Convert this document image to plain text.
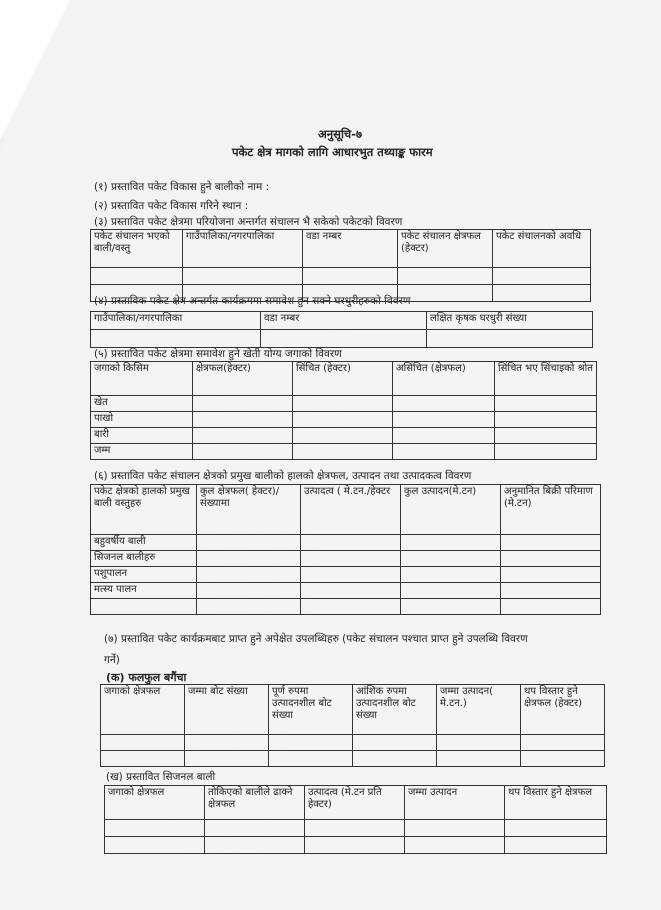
अनुसूचि-७
पकेट क्षेत्र मागको लागि आधारभुत तथ्याङ्क फारम
(१) प्रस्तावित पकेट विकास हुने बालीको नाम :
(२) प्रस्तावित पकेट विकास गरिने स्थान :
(३) प्रस्तावित पकेट क्षेत्रमा परियोजना अन्तर्गत संचालन भै सकेको पकेटको विवरण
पकेट संचालन भएको बाली/वस्तु	गाउँपालिका/नगरपालिका	वडा नम्बर	पकेट संचालन क्षेत्रफल (हेक्टर)	पकेट संचालनको अवधि

(४) प्रस्ताविक पकेट क्षेत्र अन्तर्गत कार्यक्रममा समावेश हुन सक्ने घरधुरीहरुको विवरण
गाउँपालिका/नगरपालिका	वडा नम्बर	लक्षित कृषक घरधुरी संख्या

(५) प्रस्तावित पकेट क्षेत्रमा समावेश हुने खेती योग्य जगाको विवरण
जगाको किसिम	क्षेत्रफल(हेक्टर)	सिंचित (हेक्टर)	असिंचित (क्षेत्रफल)	सिंचित भए सिंचाइको श्रोत
खेत				
पाखो				
बारी				
जम्म				
(६) प्रस्तावित पकेट संचालन क्षेत्रको प्रमुख बालीको हालको क्षेत्रफल, उत्पादन तथा उत्पादकत्व विवरण
पकेट क्षेत्रको हालको प्रमुख बाली वस्तुहरु	कुल क्षेत्रफल( हेक्टर)/संख्यामा	उत्पादत्व ( मे.टन./हेक्टर	कुल उत्पादन(मे.टन)	अनुमानित बिक्री परिमाण (मे.टन)
बहुवर्षीय बाली				
सिजनल बालीहरु				
पशुपालन				
मत्स्य पालन				

(७) प्रस्तावित पकेट कार्यक्रमबाट प्राप्त हुने अपेक्षेत उपलब्धिहरु (पकेट संचालन पश्चात प्राप्त हुने उपलब्धि विवरण
गर्ने)
(क) फलफुल बगैंचा
जगाको क्षेत्रफल	जम्मा बोट संख्या	पूर्ण रुपमा उत्पादनशील बोट संख्या	आंशिक रुपमा उत्पादनशील बोट संख्या	जम्मा उत्पादन( मे.टन.)	थप विस्तार हुने क्षेत्रफल (हेक्टर)

(ख) प्रस्तावित सिजनल बाली
जगाको क्षेत्रफल	तोकिएको बालीले ढाक्ने क्षेत्रफल	उत्पादत्व (मे.टन प्रति हेक्टर)	जम्मा उत्पादन	थप विस्तार हुने क्षेत्रफल
